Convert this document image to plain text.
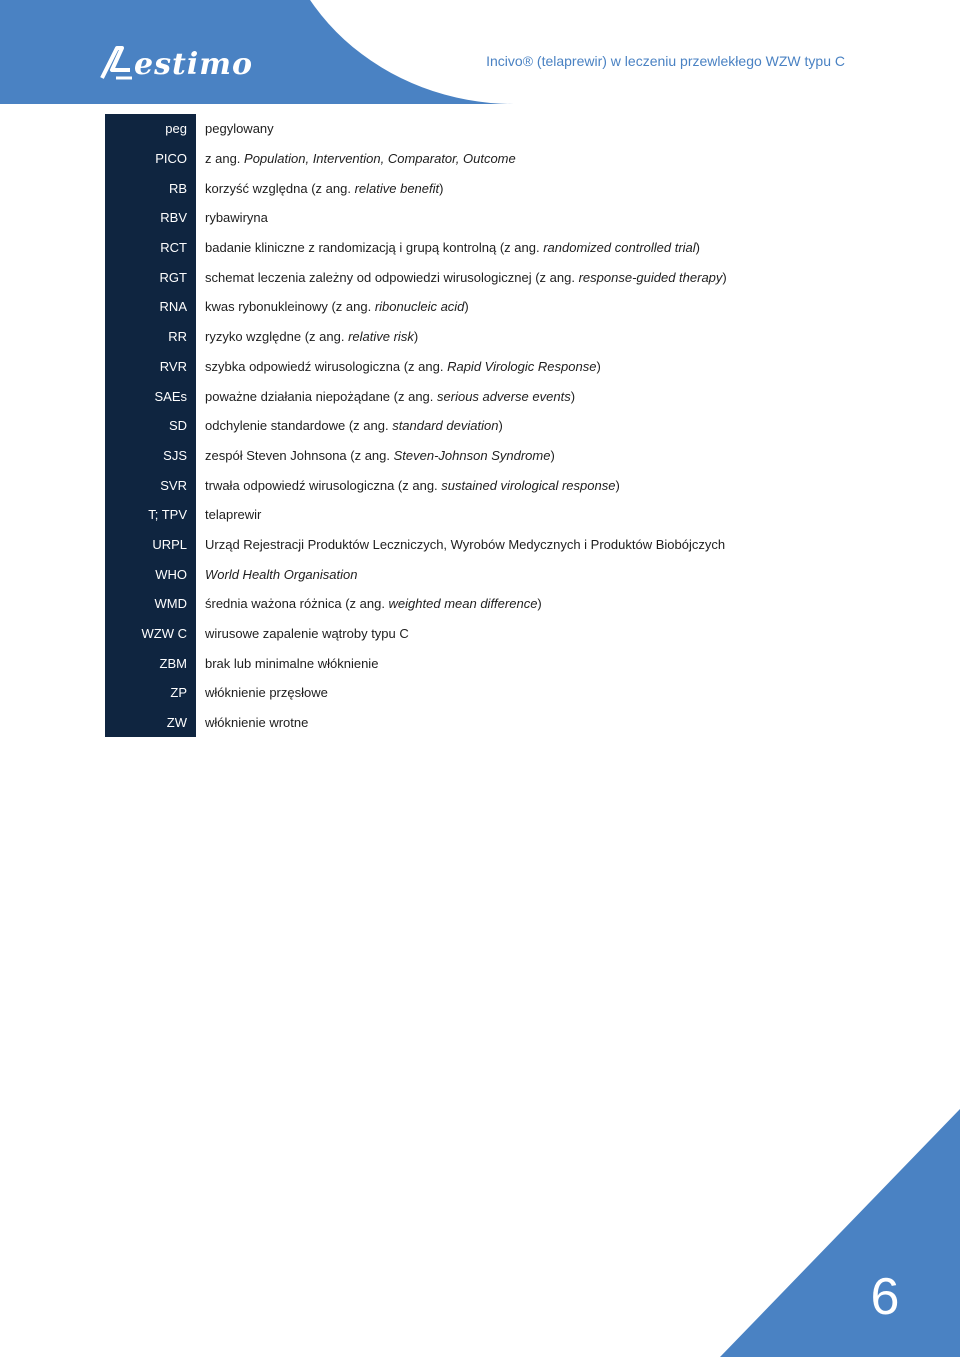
estimo	Incivo® (telaprewir) w leczeniu przewlekłego WZW typu C
peg	pegylowany
PICO	z ang. Population, Intervention, Comparator, Outcome
RB	korzyść względna (z ang. relative benefit)
RBV	rybawiryna
RCT	badanie kliniczne z randomizacją i grupą kontrolną (z ang. randomized controlled trial)
RGT	schemat leczenia zależny od odpowiedzi wirusologicznej (z ang. response-guided therapy)
RNA	kwas rybonukleinowy (z ang. ribonucleic acid)
RR	ryzyko względne (z ang. relative risk)
RVR	szybka odpowiedź wirusologiczna (z ang. Rapid Virologic Response)
SAEs	poważne działania niepożądane (z ang. serious adverse events)
SD	odchylenie standardowe (z ang. standard deviation)
SJS	zespół Steven Johnsona (z ang. Steven-Johnson Syndrome)
SVR	trwała odpowiedź wirusologiczna (z ang. sustained virological response)
T; TPV	telaprewir
URPL	Urząd Rejestracji Produktów Leczniczych, Wyrobów Medycznych i Produktów Biobójczych
WHO	World Health Organisation
WMD	średnia ważona różnica (z ang. weighted mean difference)
WZW C	wirusowe zapalenie wątroby typu C
ZBM	brak lub minimalne włóknienie
ZP	włóknienie przęsłowe
ZW	włóknienie wrotne
6
